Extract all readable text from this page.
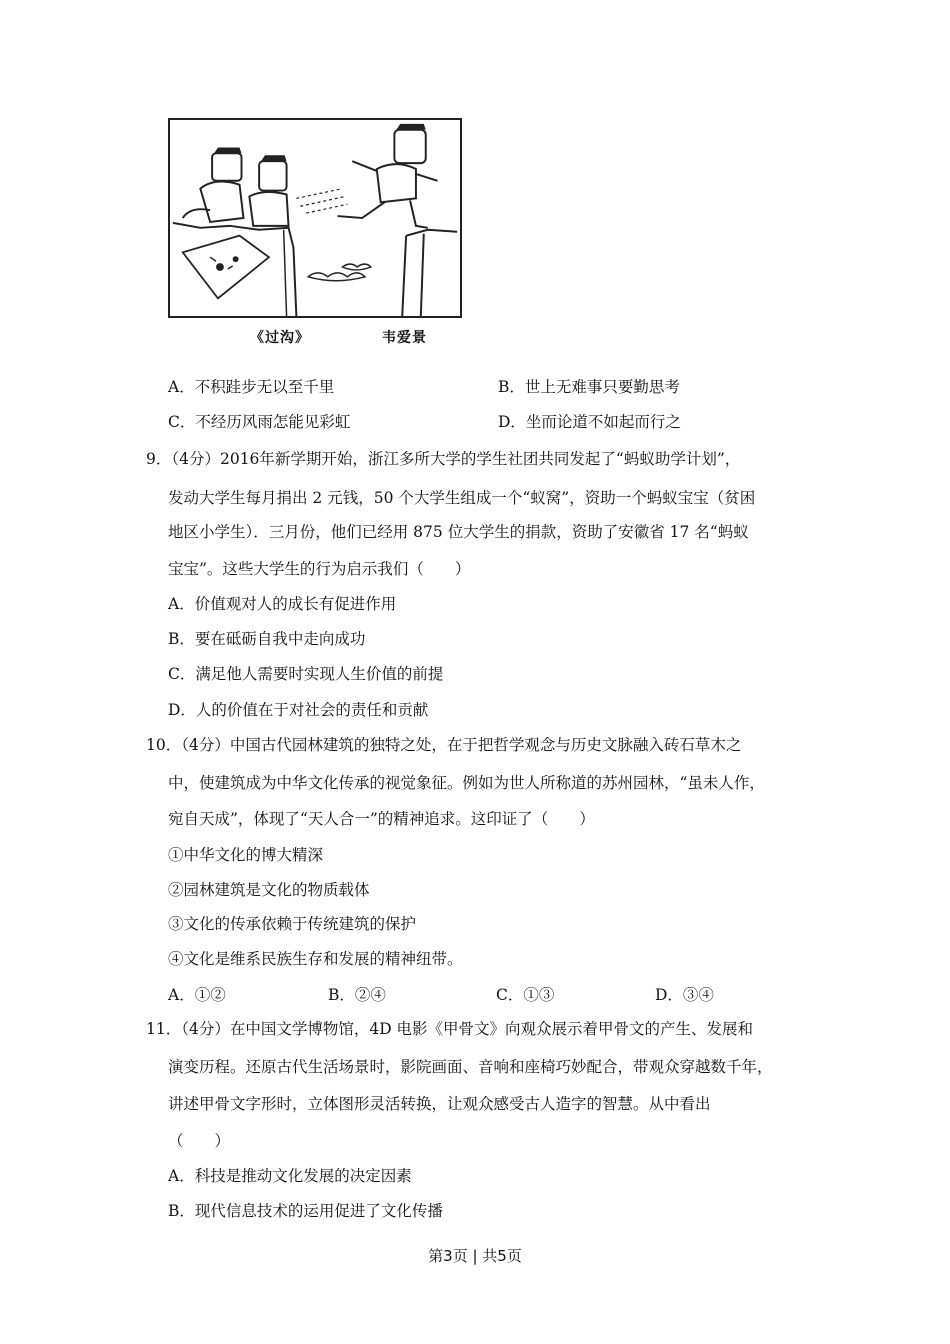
《过沟》	韦爱景
A．不积跬步无以至千里	B．世上无难事只要勤思考
C．不经历风雨怎能见彩虹	D．坐而论道不如起而行之
9．（4分）2016年新学期开始，浙江多所大学的学生社团共同发起了“蚂蚁助学计划”，
发动大学生每月捐出 2 元钱，50 个大学生组成一个“蚁窝”，资助一个蚂蚁宝宝（贫困
地区小学生）．三月份，他们已经用 875 位大学生的捐款，资助了安徽省 17 名“蚂蚁
宝宝”。这些大学生的行为启示我们（　　）
A．价值观对人的成长有促进作用
B．要在砥砺自我中走向成功
C．满足他人需要时实现人生价值的前提
D．人的价值在于对社会的责任和贡献
10．（4分）中国古代园林建筑的独特之处，在于把哲学观念与历史文脉融入砖石草木之
中，使建筑成为中华文化传承的视觉象征。例如为世人所称道的苏州园林，“虽未人作，
宛自天成”，体现了“天人合一”的精神追求。这印证了（　　）
①中华文化的博大精深
②园林建筑是文化的物质载体
③文化的传承依赖于传统建筑的保护
④文化是维系民族生存和发展的精神纽带。
A．①②	B．②④	C．①③	D．③④
11．（4分）在中国文学博物馆，4D 电影《甲骨文》向观众展示着甲骨文的产生、发展和
演变历程。还原古代生活场景时，影院画面、音响和座椅巧妙配合，带观众穿越数千年，
讲述甲骨文字形时，立体图形灵活转换，让观众感受古人造字的智慧。从中看出
（　　）
A．科技是推动文化发展的决定因素
B．现代信息技术的运用促进了文化传播
第3页 | 共5页
